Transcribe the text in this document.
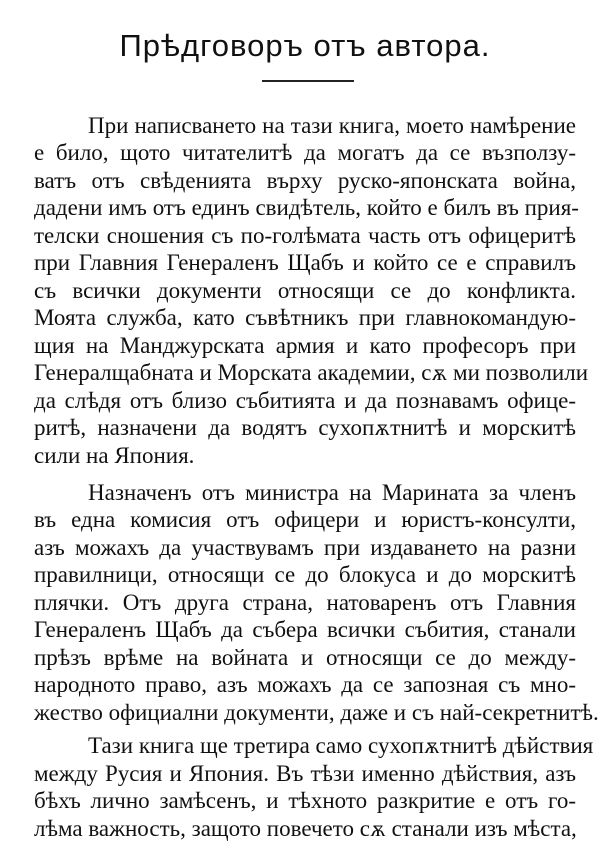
Прѣдговоръ отъ автора.
При написването на тази книга, моето намѣрение
е било, щото читателитѣ да могатъ да се възползу-
ватъ отъ свѣденията върху руско-японската война,
дадени имъ отъ единъ свидѣтель, който е билъ въ прия-
телски сношения съ по-голѣмата часть отъ офицеритѣ
при Главния Генераленъ Щабъ и който се е справилъ
съ всички документи относящи се до конфликта.
Моята служба, като съвѣтникъ при главнокомандую-
щия на Манджурската армия и като професоръ при
Генералщабната и Морската академии, сѫ ми позволили
да слѣдя отъ близо събитията и да познавамъ офице-
ритѣ, назначени да водятъ сухопѫтнитѣ и морскитѣ
сили на Япония.
Назначенъ отъ министра на Марината за членъ
въ една комисия отъ офицери и юристъ-консулти,
азъ можахъ да участвувамъ при издаването на разни
правилници, относящи се до блокуса и до морскитѣ
плячки. Отъ друга страна, натоваренъ отъ Главния
Генераленъ Щабъ да събера всички събития, станали
прѣзъ врѣме на войната и относящи се до между-
народното право, азъ можахъ да се запозная съ мно-
жество официални документи, даже и съ най-секретнитѣ.
Тази книга ще третира само сухопѫтнитѣ дѣйствия
между Русия и Япония. Въ тѣзи именно дѣйствия, азъ
бѣхъ лично замѣсенъ, и тѣхното разкритие е отъ го-
лѣма важность, защото повечето сѫ станали изъ мѣста,
